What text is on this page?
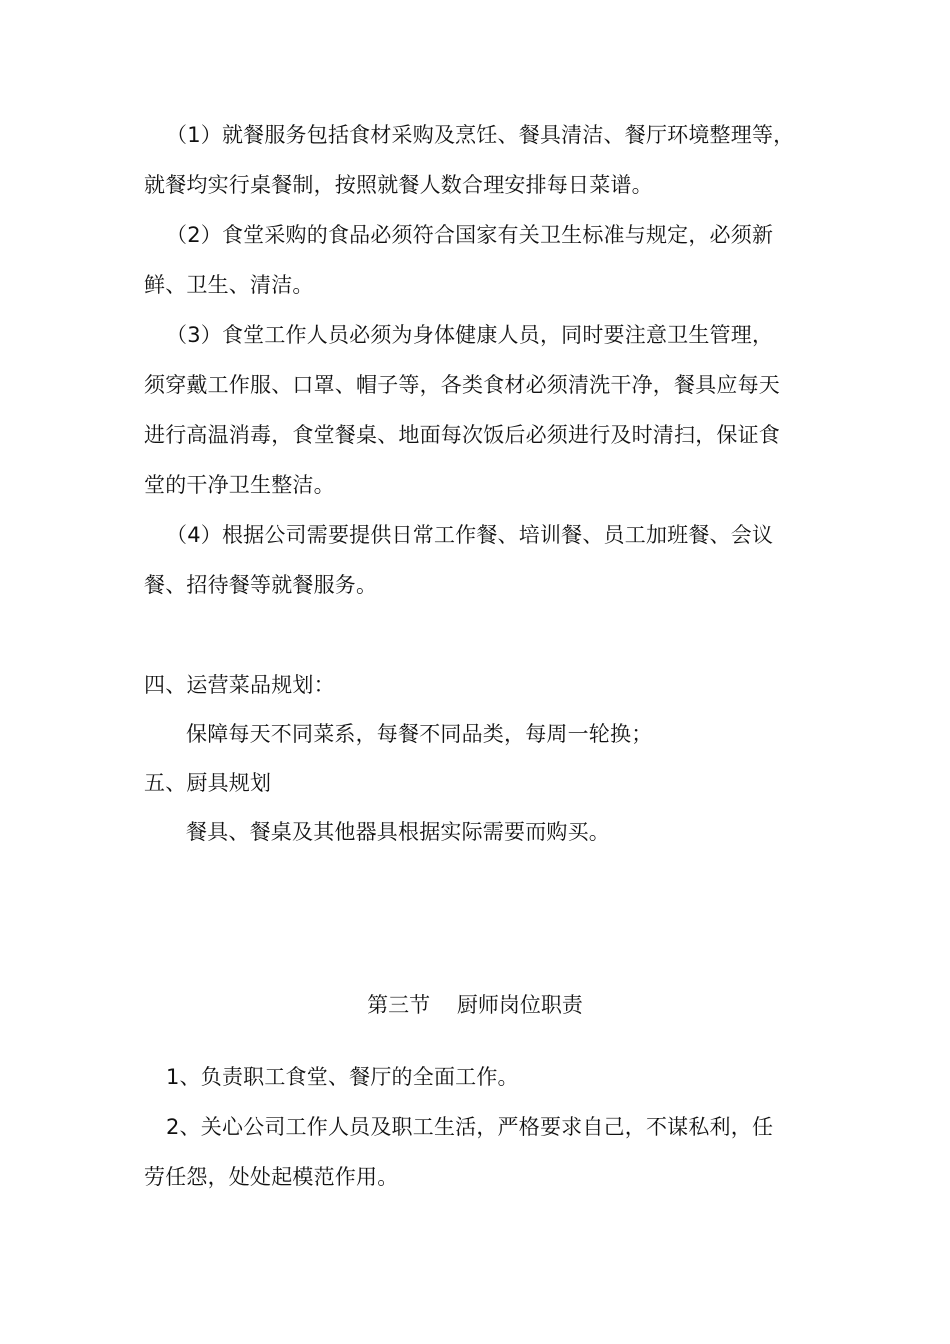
（1）就餐服务包括食材采购及烹饪、餐具清洁、餐厅环境整理等，
就餐均实行桌餐制，按照就餐人数合理安排每日菜谱。
（2）食堂采购的食品必须符合国家有关卫生标准与规定，必须新
鲜、卫生、清洁。
（3）食堂工作人员必须为身体健康人员，同时要注意卫生管理，
须穿戴工作服、口罩、帽子等，各类食材必须清洗干净，餐具应每天
进行高温消毒，食堂餐桌、地面每次饭后必须进行及时清扫，保证食
堂的干净卫生整洁。
（4）根据公司需要提供日常工作餐、培训餐、员工加班餐、会议
餐、招待餐等就餐服务。
四、运营菜品规划：
保障每天不同菜系，每餐不同品类，每周一轮换；
五、厨具规划
餐具、餐桌及其他器具根据实际需要而购买。
第三节    厨师岗位职责
1、负责职工食堂、餐厅的全面工作。
2、关心公司工作人员及职工生活，严格要求自己，不谋私利，任
劳任怨，处处起模范作用。
